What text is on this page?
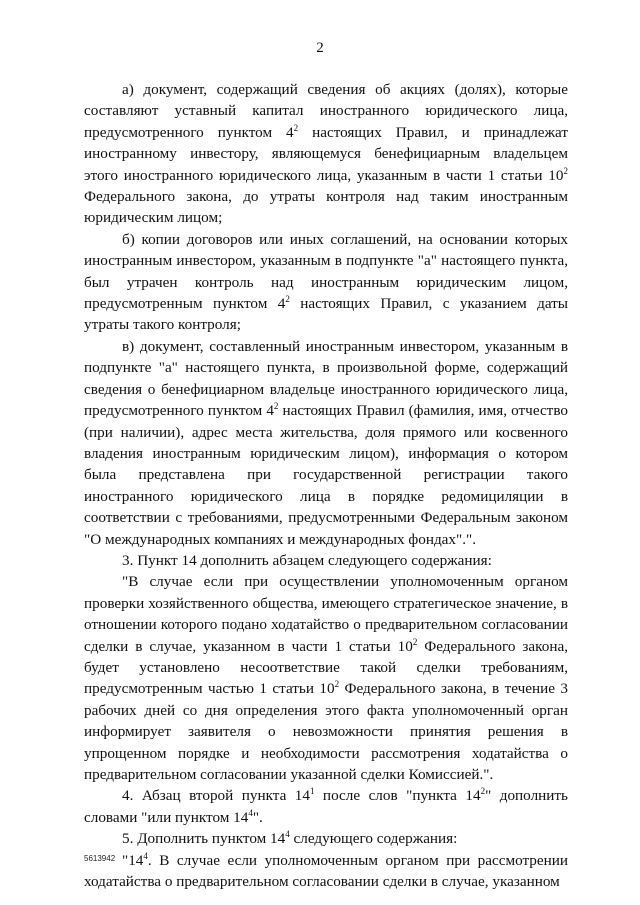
2

а) документ, содержащий сведения об акциях (долях), которые составляют уставный капитал иностранного юридического лица, предусмотренного пунктом $4^2$ настоящих Правил, и принадлежат иностранному инвестору, являющемуся бенефициарным владельцем этого иностранного юридического лица, указанным в части 1 статьи $10^2$ Федерального закона, до утраты контроля над таким иностранным юридическим лицом;

б) копии договоров или иных соглашений, на основании которых иностранным инвестором, указанным в подпункте "а" настоящего пункта, был утрачен контроль над иностранным юридическим лицом, предусмотренным пунктом $4^2$ настоящих Правил, с указанием даты утраты такого контроля;

в) документ, составленный иностранным инвестором, указанным в подпункте "а" настоящего пункта, в произвольной форме, содержащий сведения о бенефициарном владельце иностранного юридического лица, предусмотренного пунктом $4^2$ настоящих Правил (фамилия, имя, отчество (при наличии), адрес места жительства, доля прямого или косвенного владения иностранным юридическим лицом), информация о котором была представлена при государственной регистрации такого иностранного юридического лица в порядке редомициляции в соответствии с требованиями, предусмотренными Федеральным законом "О международных компаниях и международных фондах".".

3. Пункт 14 дополнить абзацем следующего содержания:

"В случае если при осуществлении уполномоченным органом проверки хозяйственного общества, имеющего стратегическое значение, в отношении которого подано ходатайство о предварительном согласовании сделки в случае, указанном в части 1 статьи $10^2$ Федерального закона, будет установлено несоответствие такой сделки требованиям, предусмотренным частью 1 статьи $10^2$ Федерального закона, в течение 3 рабочих дней со дня определения этого факта уполномоченный орган информирует заявителя о невозможности принятия решения в упрощенном порядке и необходимости рассмотрения ходатайства о предварительном согласовании указанной сделки Комиссией.".

4. Абзац второй пункта $14^1$ после слов "пункта $14^2$" дополнить словами "или пунктом $14^4$".

5. Дополнить пунктом $14^4$ следующего содержания:

"$14^4$. В случае если уполномоченным органом при рассмотрении ходатайства о предварительном согласовании сделки в случае, указанном

5613942
